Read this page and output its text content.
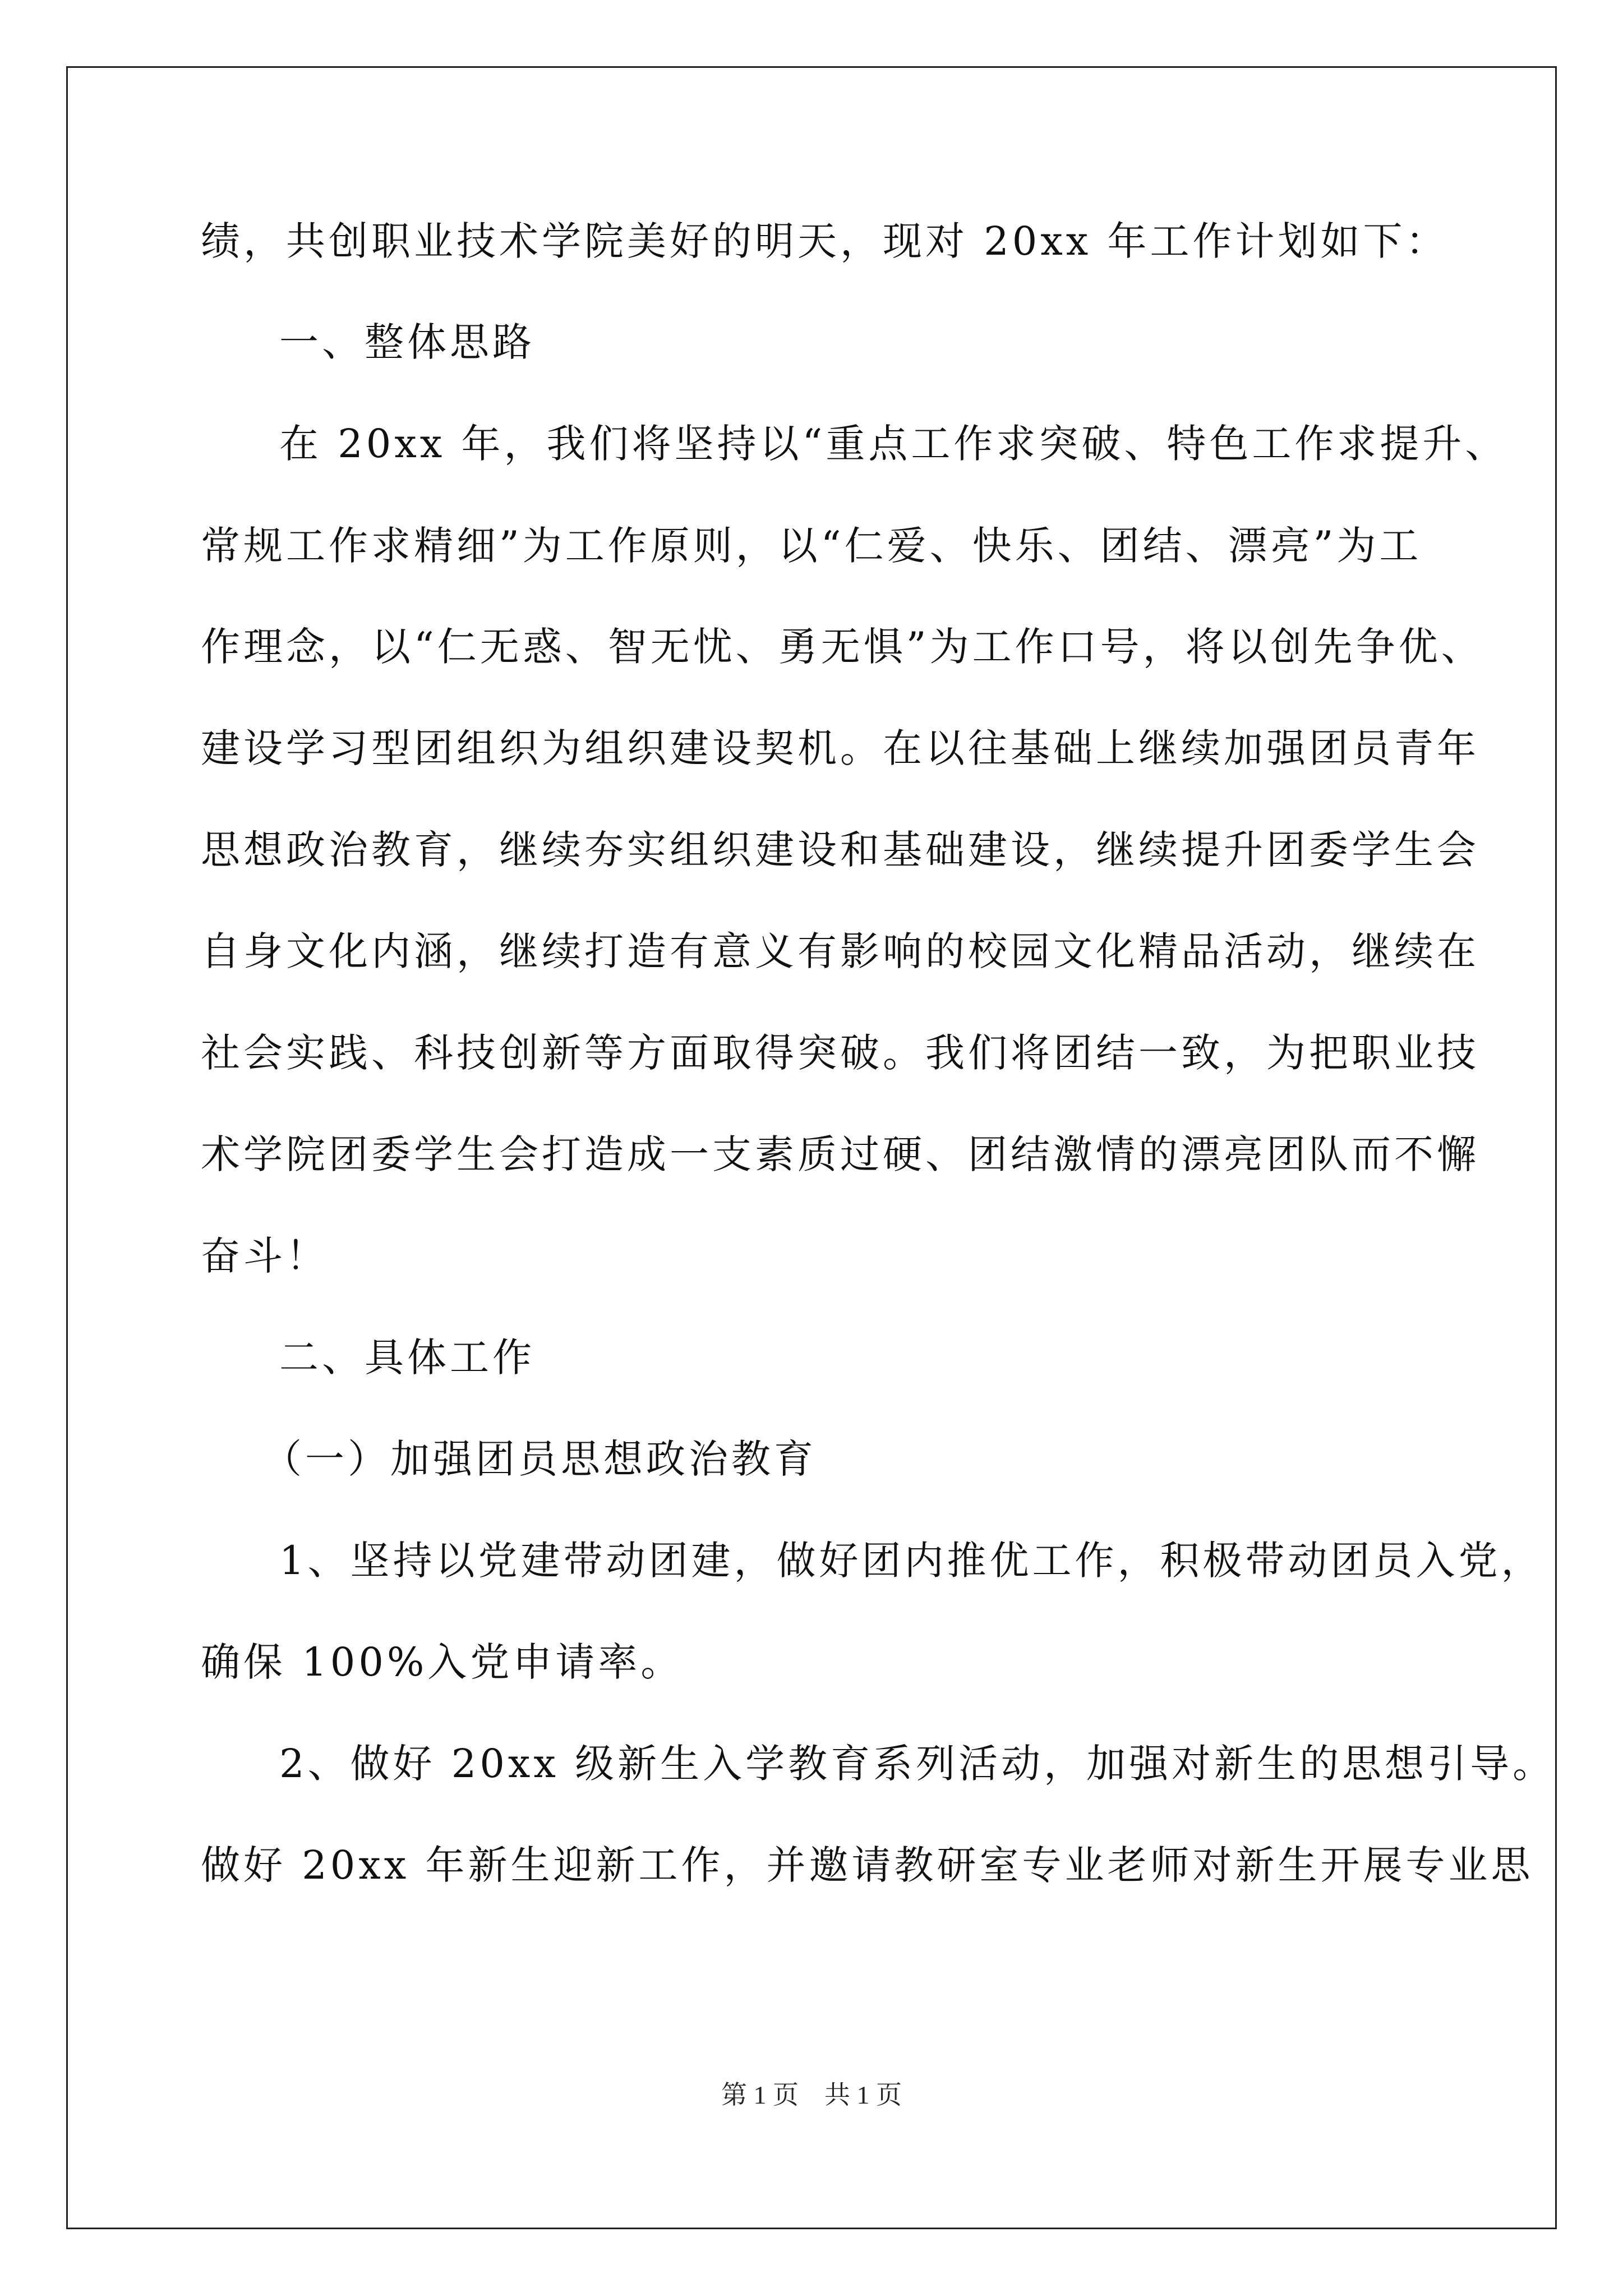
绩，共创职业技术学院美好的明天，现对 20xx 年工作计划如下：
一、整体思路
在 20xx 年，我们将坚持以“重点工作求突破、特色工作求提升、
常规工作求精细”为工作原则，以“仁爱、快乐、团结、漂亮”为工
作理念，以“仁无惑、智无忧、勇无惧”为工作口号，将以创先争优、
建设学习型团组织为组织建设契机。在以往基础上继续加强团员青年
思想政治教育，继续夯实组织建设和基础建设，继续提升团委学生会
自身文化内涵，继续打造有意义有影响的校园文化精品活动，继续在
社会实践、科技创新等方面取得突破。我们将团结一致，为把职业技
术学院团委学生会打造成一支素质过硬、团结激情的漂亮团队而不懈
奋斗！
二、具体工作
（一）加强团员思想政治教育
1、坚持以党建带动团建，做好团内推优工作，积极带动团员入党，
确保 100%入党申请率。
2、做好 20xx 级新生入学教育系列活动，加强对新生的思想引导。
做好 20xx 年新生迎新工作，并邀请教研室专业老师对新生开展专业思
第 1 页　共 1 页
